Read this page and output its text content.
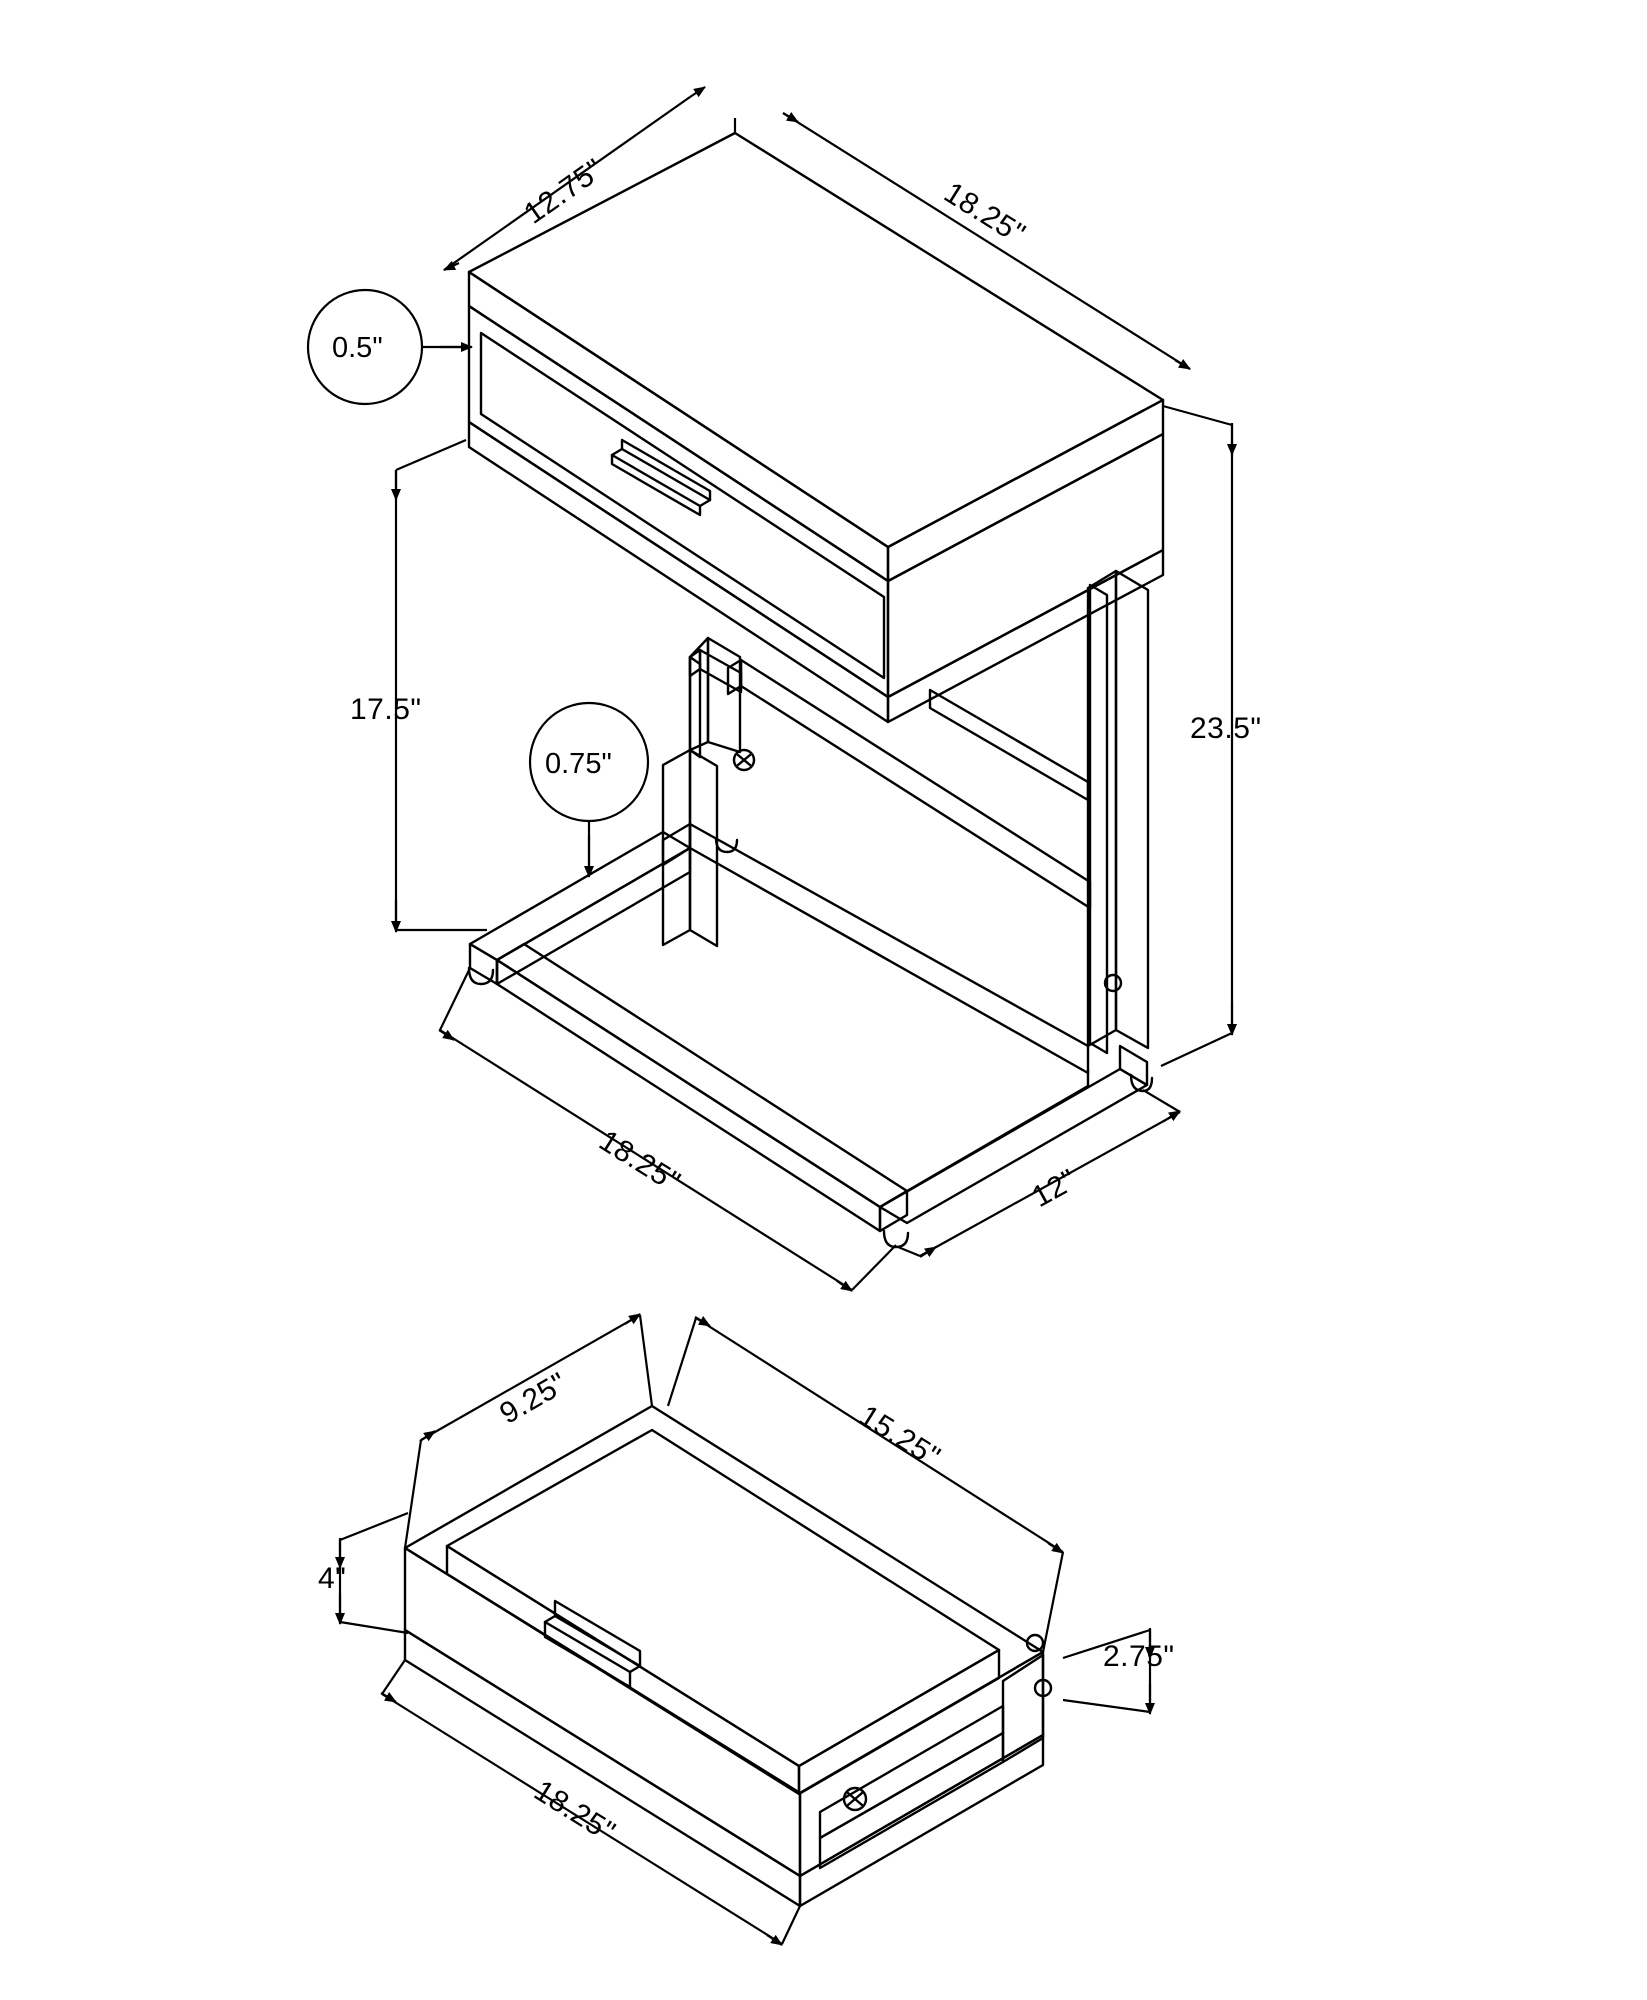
12.75"	18.25"
0.5"
17.5"
0.75"
23.5"
18.25"	12"
9.25"
15.25"
4"
2.75"
18.25"
